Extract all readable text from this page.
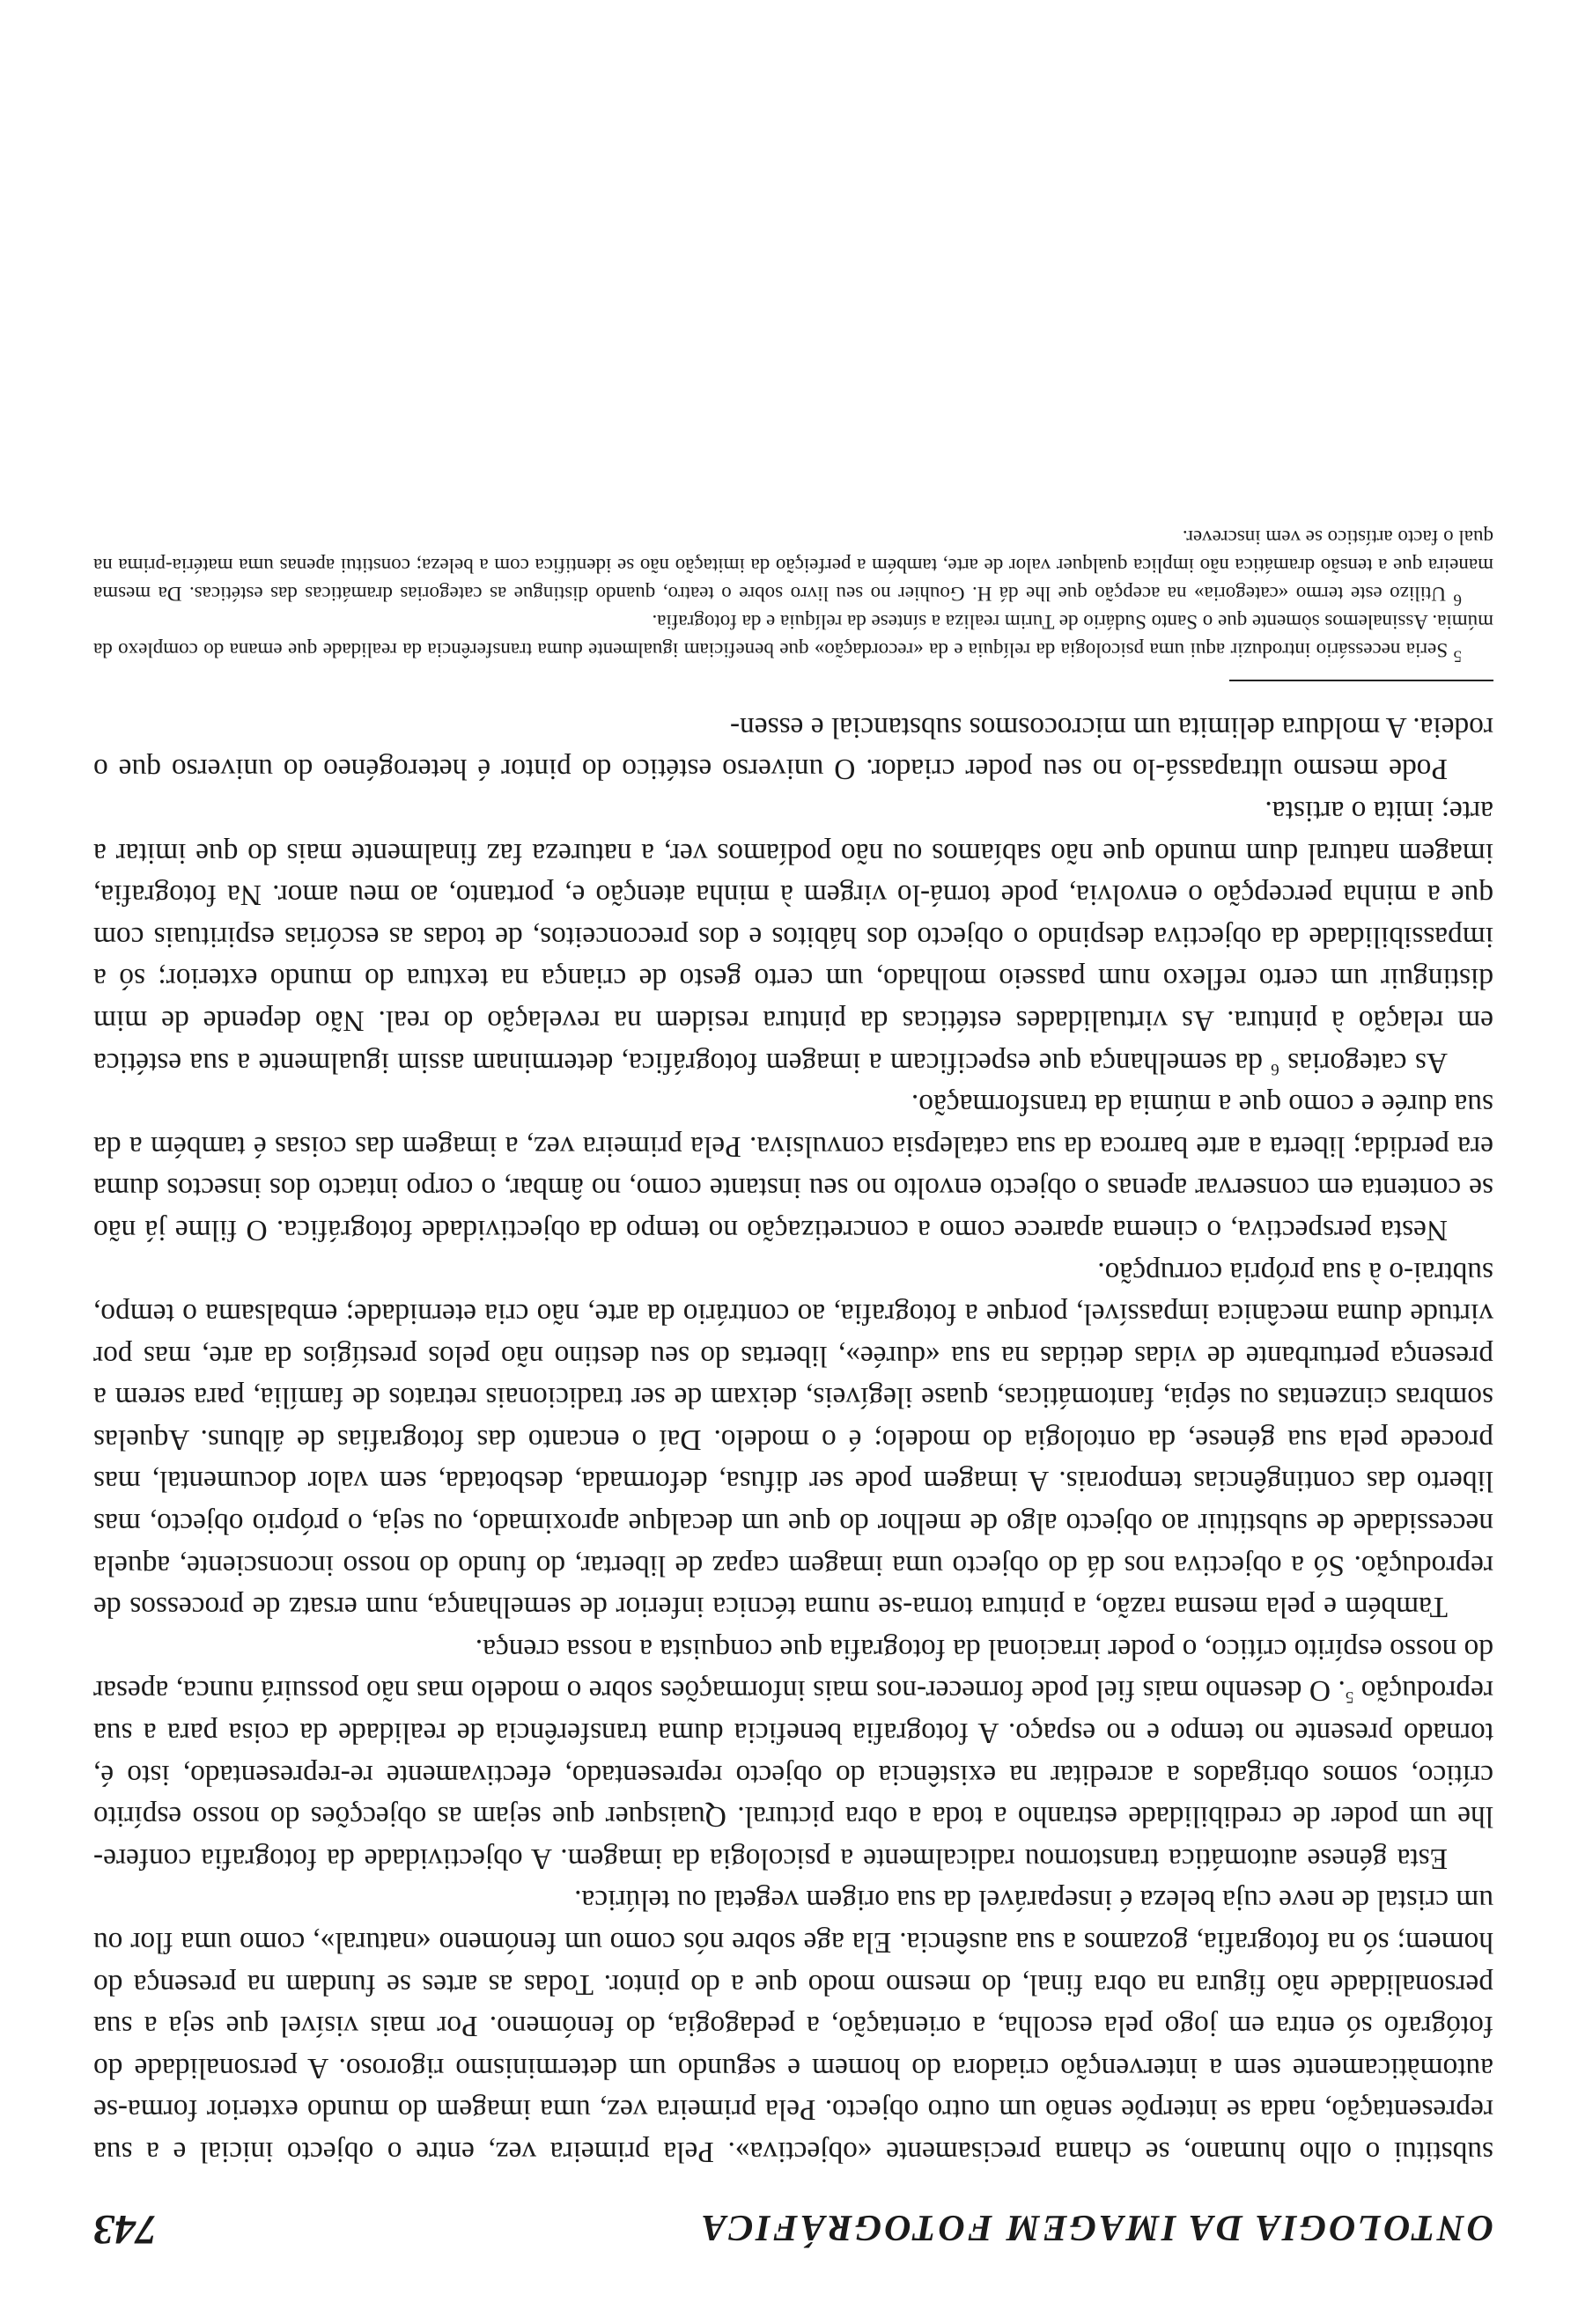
ONTOLOGIA DA IMAGEM FOTOGRÁFICA
743

substitui o olho humano, se chama precisamente «objectiva». Pela primeira vez, entre o objecto inicial e a sua representação, nada se interpõe senão um outro objecto. Pela primeira vez, uma imagem do mundo exterior forma-se automàticamente sem a intervenção criadora do homem e segundo um determinismo rigoroso. A personalidade do fotógrafo só entra em jogo pela escolha, a orientação, a pedagogia, do fenómeno. Por mais visível que seja a sua personalidade não figura na obra final, do mesmo modo que a do pintor. Todas as artes se fundam na presença do homem; só na fotografia, gozamos a sua ausência. Ela age sobre nós como um fenómeno «natural», como uma flor ou um cristal de neve cuja beleza é inseparável da sua origem vegetal ou telúrica.

Esta génese automática transtornou radicalmente a psicologia da imagem. A objectividade da fotografia confere-lhe um poder de credibilidade estranho a toda a obra pictural. Quaisquer que sejam as objecções do nosso espírito crítico, somos obrigados a acreditar na existência do objecto representado, efectivamente re-representado, isto é, tornado presente no tempo e no espaço. A fotografia beneficia duma transferência de realidade da coisa para a sua reprodução $^5$. O desenho mais fiel pode fornecer-nos mais informações sobre o modelo mas não possuirá nunca, apesar do nosso espírito crítico, o poder irracional da fotografia que conquista a nossa crença.

Também e pela mesma razão, a pintura torna-se numa técnica inferior de semelhança, num ersatz de processos de reprodução. Só a objectiva nos dá do objecto uma imagem capaz de libertar, do fundo do nosso inconsciente, aquela necessidade de substituir ao objecto algo de melhor do que um decalque aproximado, ou seja, o próprio objecto, mas liberto das contingências temporais. A imagem pode ser difusa, deformada, desbotada, sem valor documental, mas procede pela sua génese, da ontologia do modelo; é o modelo. Daí o encanto das fotografias de álbuns. Aquelas sombras cinzentas ou sépia, fantomáticas, quase ilegíveis, deixam de ser tradicionais retratos de família, para serem a presença perturbante de vidas detidas na sua «durée», libertas do seu destino não pelos prestígios da arte, mas por virtude duma mecânica impassível, porque a fotografia, ao contrário da arte, não cria eternidade; embalsama o tempo, subtrai-o à sua própria corrupção.

Nesta perspectiva, o cinema aparece como a concretização no tempo da objectividade fotográfica. O filme já não se contenta em conservar apenas o objecto envolto no seu instante como, no âmbar, o corpo intacto dos insectos duma era perdida; liberta a arte barroca da sua catalepsia convulsiva. Pela primeira vez, a imagem das coisas é também a da sua durée e como que a múmia da transformação.

As categorias $^6$ da semelhança que especificam a imagem fotográfica, determinam assim igualmente a sua estética em relação à pintura. As virtualidades estéticas da pintura residem na revelação do real. Não depende de mim distinguir um certo reflexo num passeio molhado, um certo gesto de criança na textura do mundo exterior; só a impassibilidade da objectiva despindo o objecto dos hábitos e dos preconceitos, de todas as escórias espirituais com que a minha percepção o envolvia, pode torná-lo virgem à minha atenção e, portanto, ao meu amor. Na fotografia, imagem natural dum mundo que não sabíamos ou não podíamos ver, a natureza faz finalmente mais do que imitar a arte; imita o artista.

Pode mesmo ultrapassá-lo no seu poder criador. O universo estético do pintor é heterogéneo do universo que o rodeia. A moldura delimita um microcosmos substancial e essen-

$^5$ Seria necessário introduzir aqui uma psicologia da relíquia e da «recordação» que beneficiam igualmente duma transferência da realidade que emana do complexo da múmia. Assinalemos sòmente que o Santo Sudário de Turim realiza a síntese da relíquia e da fotografia.

$^6$ Utilizo este termo «categoria» na acepção que lhe dá H. Gouhier no seu livro sobre o teatro, quando distingue as categorias dramáticas das estéticas. Da mesma maneira que a tensão dramática não implica qualquer valor de arte, também a perfeição da imitação não se identifica com a beleza; constitui apenas uma matéria-prima na qual o facto artístico se vem inscrever.
